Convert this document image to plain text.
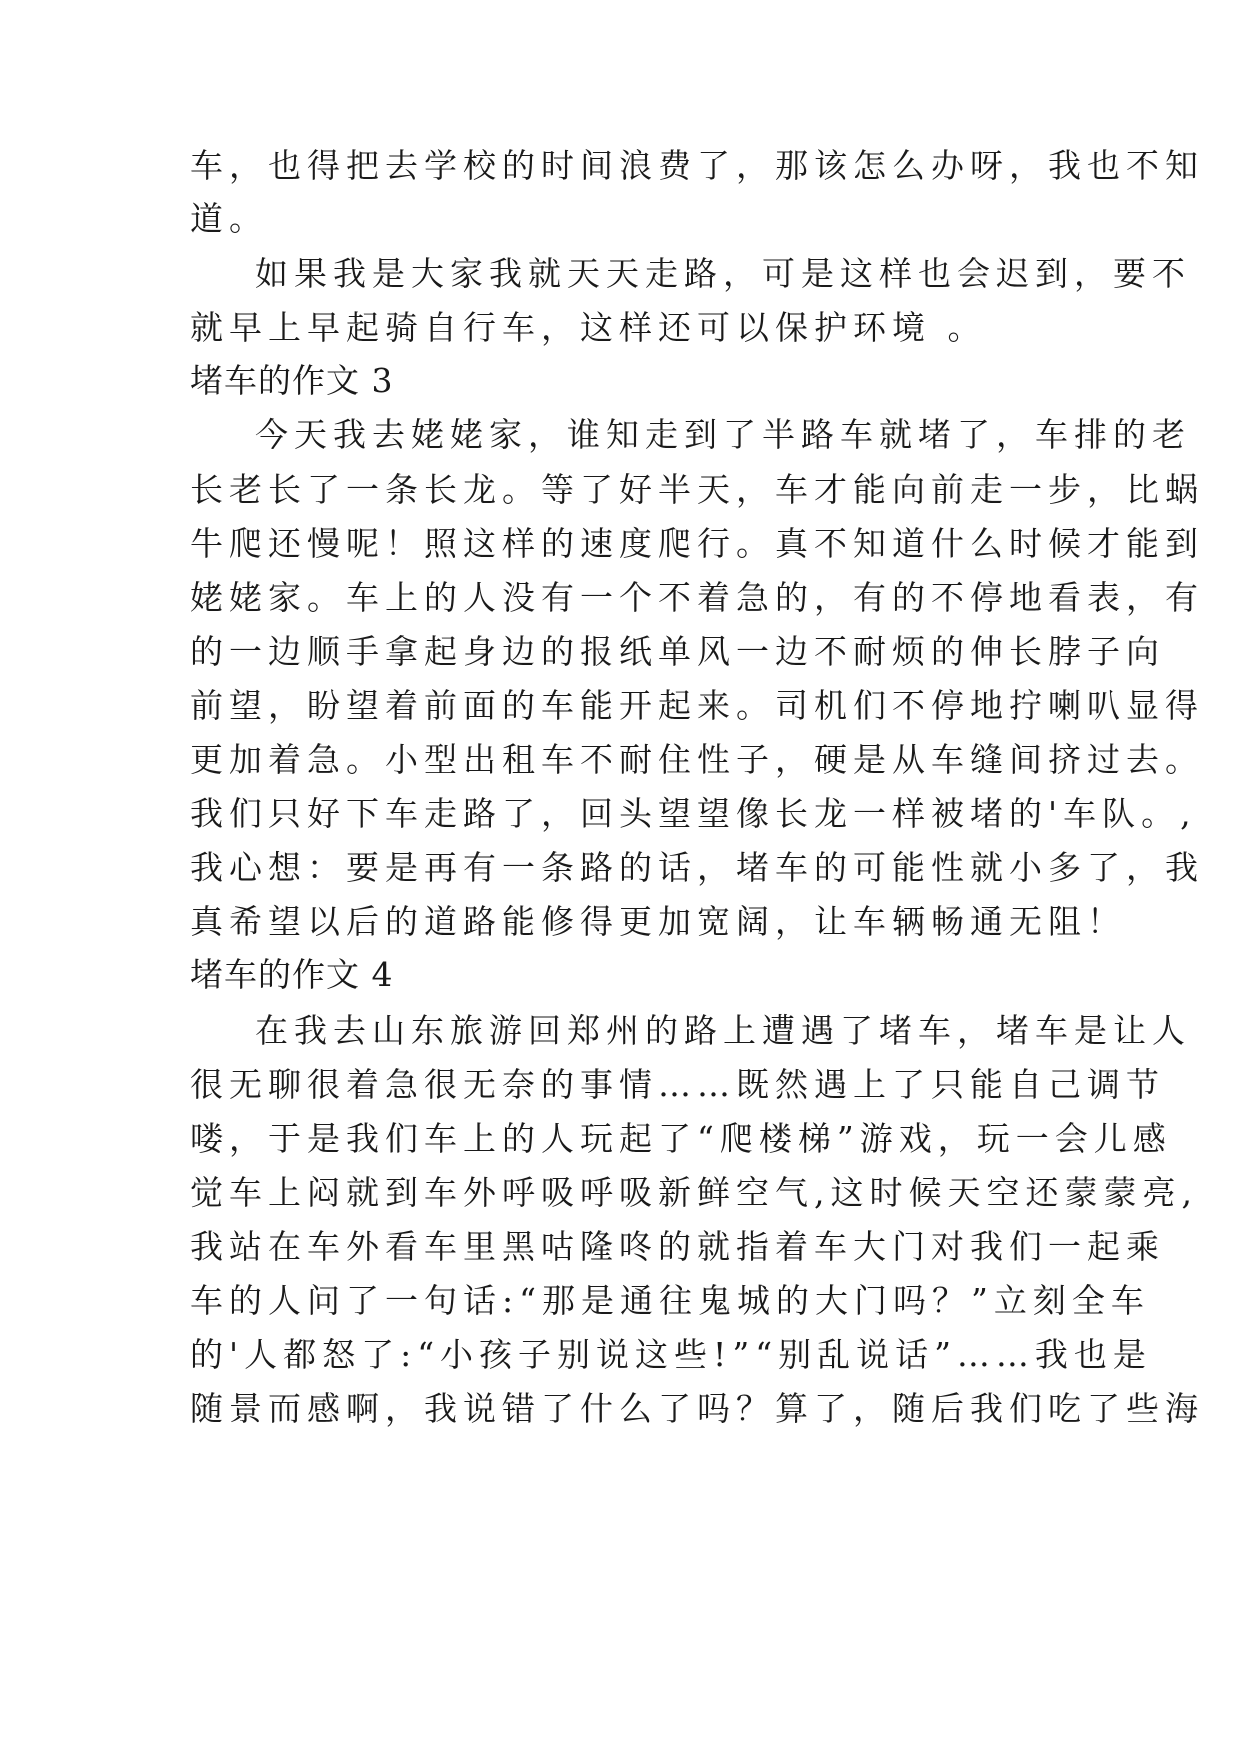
车，也得把去学校的时间浪费了，那该怎么办呀，我也不知
道。
如果我是大家我就天天走路，可是这样也会迟到，要不
就早上早起骑自行车，这样还可以保护环境 。
堵车的作文 3
今天我去姥姥家，谁知走到了半路车就堵了，车排的老
长老长了一条长龙。等了好半天，车才能向前走一步，比蜗
牛爬还慢呢！照这样的速度爬行。真不知道什么时候才能到
姥姥家。车上的人没有一个不着急的，有的不停地看表，有
的一边顺手拿起身边的报纸单风一边不耐烦的伸长脖子向
前望，盼望着前面的车能开起来。司机们不停地拧喇叭显得
更加着急。小型出租车不耐住性子，硬是从车缝间挤过去。
我们只好下车走路了，回头望望像长龙一样被堵的'车队。,
我心想：要是再有一条路的话，堵车的可能性就小多了，我
真希望以后的道路能修得更加宽阔，让车辆畅通无阻！
堵车的作文 4
在我去山东旅游回郑州的路上遭遇了堵车，堵车是让人
很无聊很着急很无奈的事情……既然遇上了只能自己调节
喽，于是我们车上的人玩起了“爬楼梯”游戏，玩一会儿感
觉车上闷就到车外呼吸呼吸新鲜空气,这时候天空还蒙蒙亮,
我站在车外看车里黑咕隆咚的就指着车大门对我们一起乘
车的人问了一句话:“那是通往鬼城的大门吗？”立刻全车
的'人都怒了:“小孩子别说这些!”“别乱说话”……我也是
随景而感啊，我说错了什么了吗？算了，随后我们吃了些海
